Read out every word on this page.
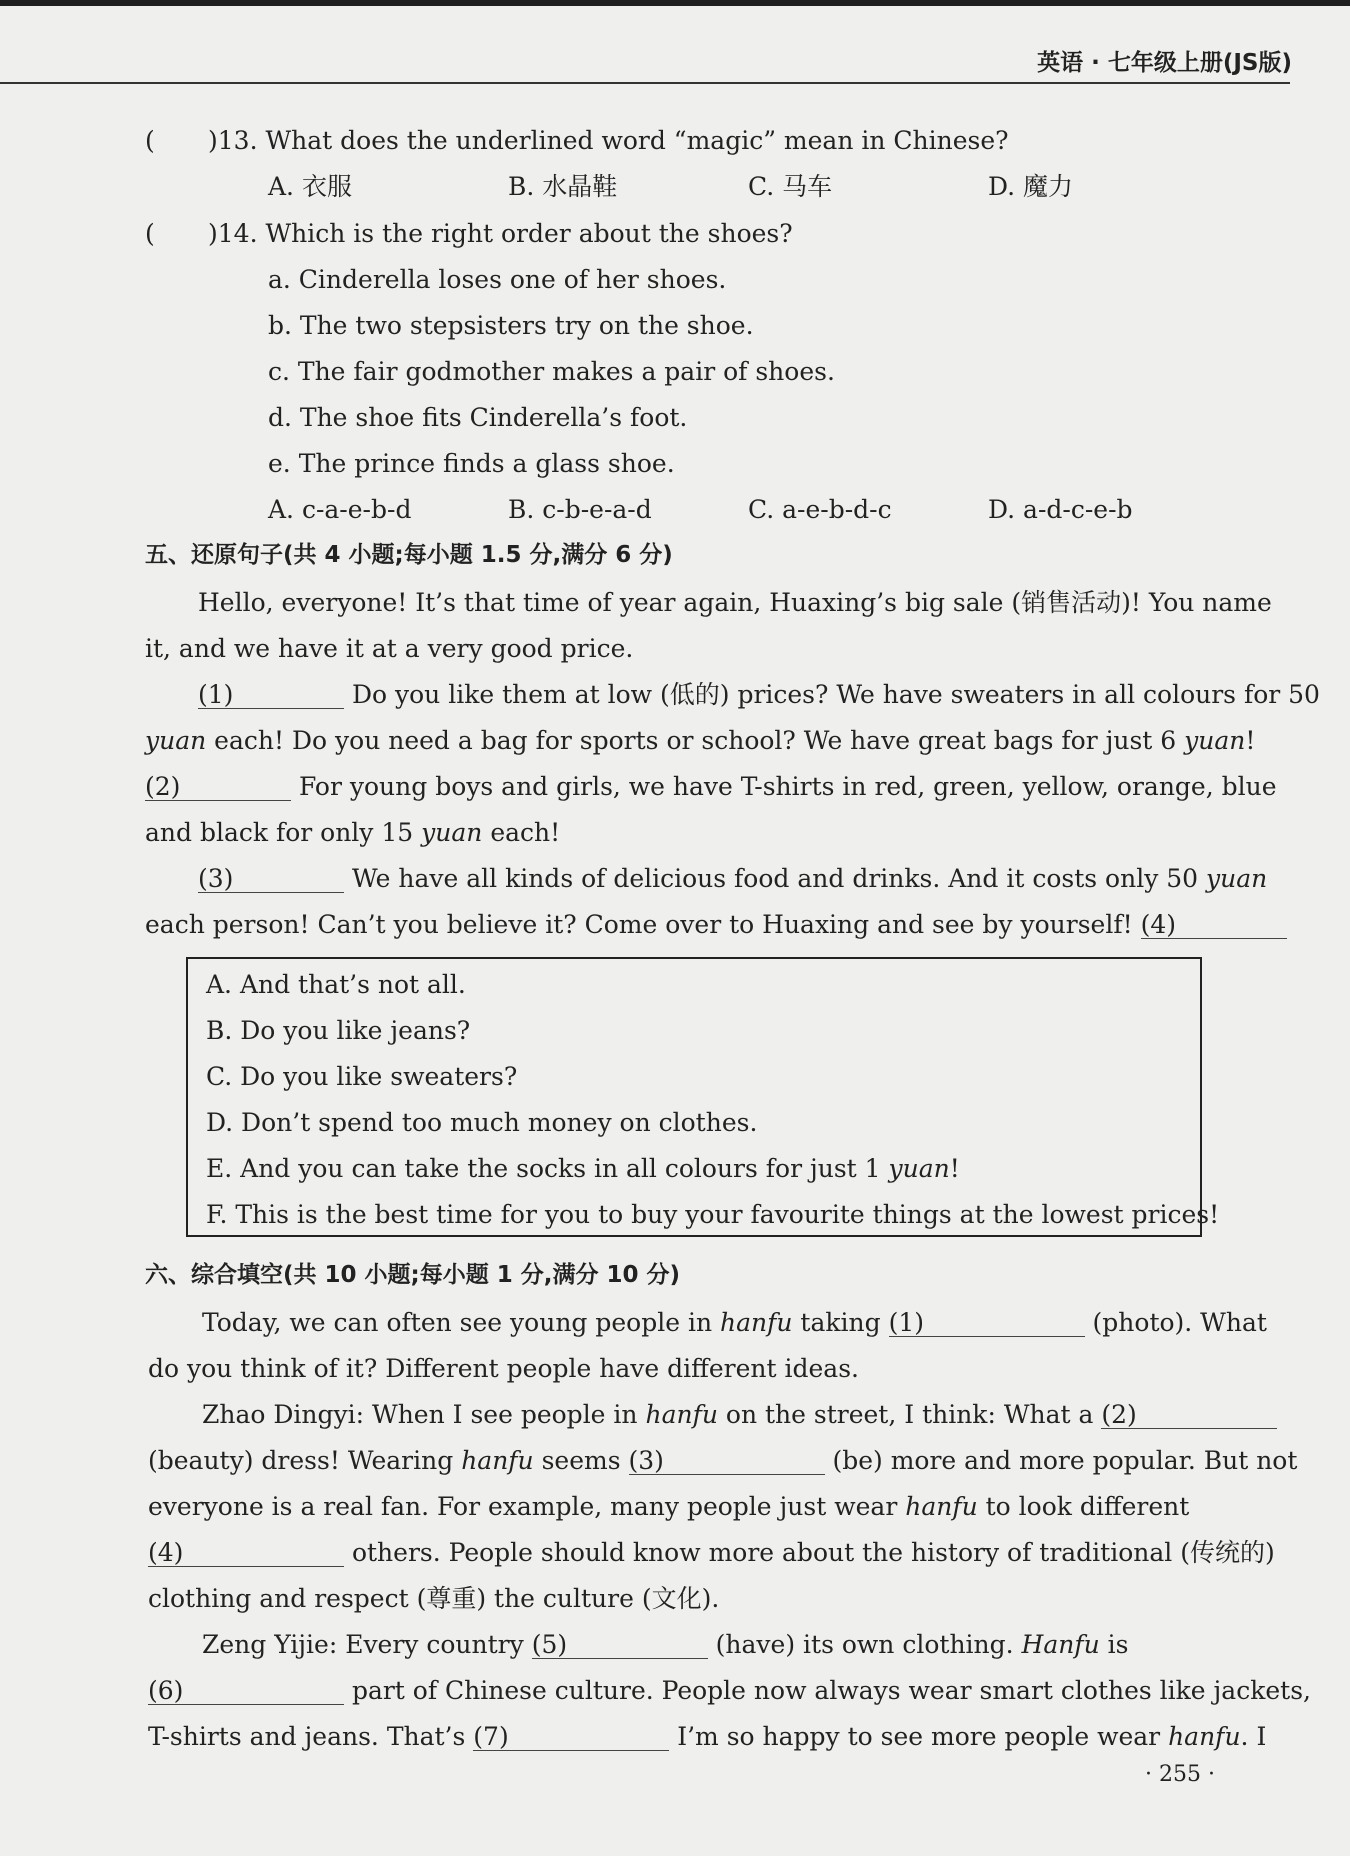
英语 · 七年级上册(JS版)
( )13. What does the underlined word “magic” mean in Chinese?
A. 衣服	B. 水晶鞋	C. 马车	D. 魔力
( )14. Which is the right order about the shoes?
a. Cinderella loses one of her shoes.
b. The two stepsisters try on the shoe.
c. The fair godmother makes a pair of shoes.
d. The shoe fits Cinderella’s foot.
e. The prince finds a glass shoe.
A. c-a-e-b-d	B. c-b-e-a-d	C. a-e-b-d-c	D. a-d-c-e-b
五、还原句子(共 4 小题;每小题 1.5 分,满分 6 分)
Hello, everyone! It’s that time of year again, Huaxing’s big sale (销售活动)! You name
it, and we have it at a very good price.
(1)	Do you like them at low (低的) prices? We have sweaters in all colours for 50
yuan each! Do you need a bag for sports or school? We have great bags for just 6 yuan!
(2)	For young boys and girls, we have T-shirts in red, green, yellow, orange, blue
and black for only 15 yuan each!
(3)	We have all kinds of delicious food and drinks. And it costs only 50 yuan
each person! Can’t you believe it? Come over to Huaxing and see by yourself! (4)
A. And that’s not all.
B. Do you like jeans?
C. Do you like sweaters?
D. Don’t spend too much money on clothes.
E. And you can take the socks in all colours for just 1 yuan!
F. This is the best time for you to buy your favourite things at the lowest prices!
六、综合填空(共 10 小题;每小题 1 分,满分 10 分)
Today, we can often see young people in hanfu taking (1)	(photo). What
do you think of it? Different people have different ideas.
Zhao Dingyi: When I see people in hanfu on the street, I think: What a (2)
(beauty) dress! Wearing hanfu seems (3)	(be) more and more popular. But not
everyone is a real fan. For example, many people just wear hanfu to look different
(4)	others. People should know more about the history of traditional (传统的)
clothing and respect (尊重) the culture (文化).
Zeng Yijie: Every country (5)	(have) its own clothing. Hanfu is
(6)	part of Chinese culture. People now always wear smart clothes like jackets,
T-shirts and jeans. That’s (7)	I’m so happy to see more people wear hanfu. I
· 255 ·
